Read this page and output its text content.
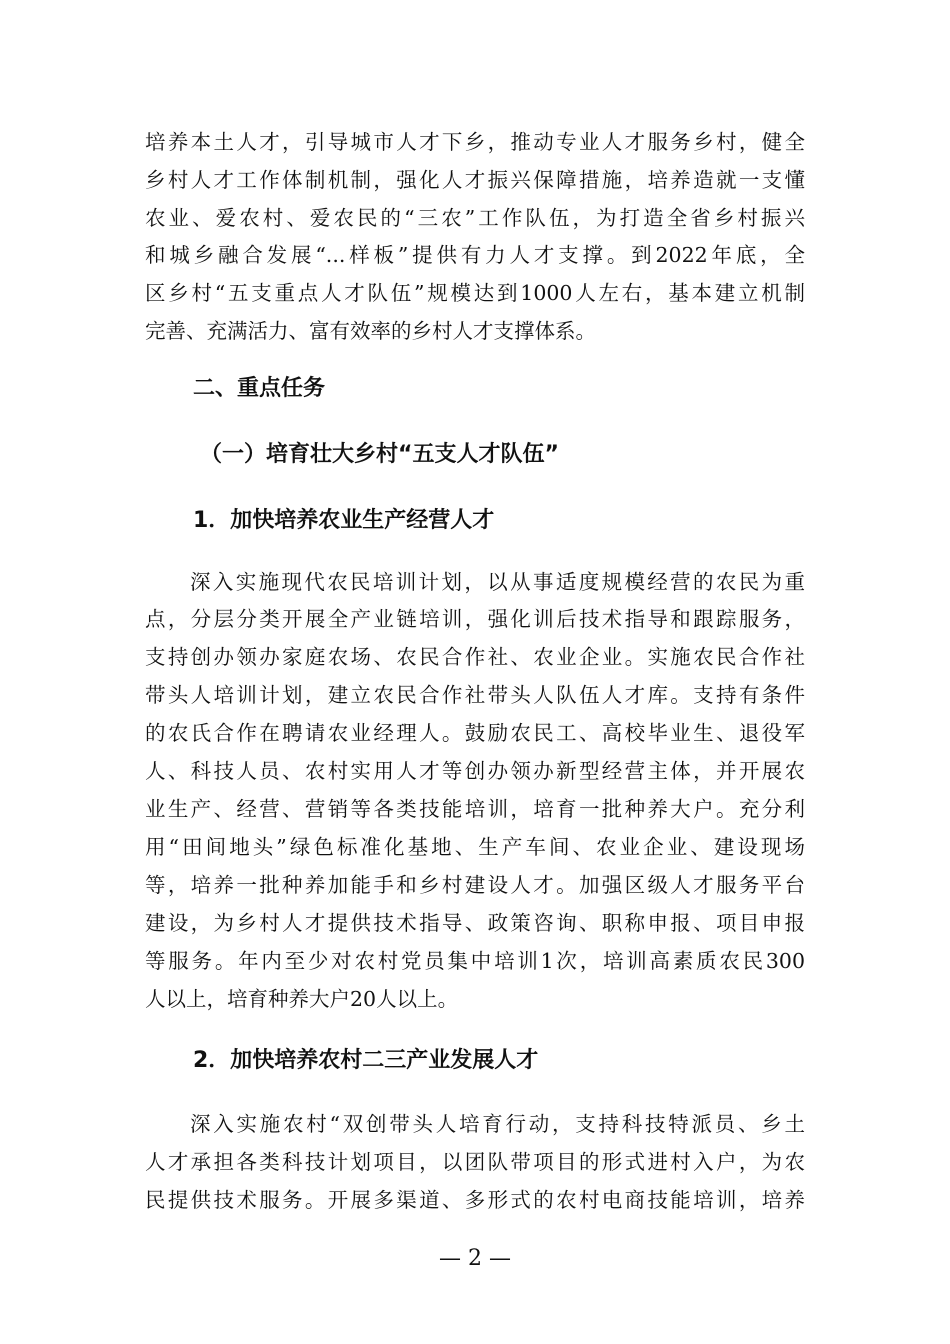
培养本土人才，引导城市人才下乡，推动专业人才服务乡村，健全
乡村人才工作体制机制，强化人才振兴保障措施，培养造就一支懂
农业、爱农村、爱农民的“三农”工作队伍，为打造全省乡村振兴
和城乡融合发展“...样板”提供有力人才支撑。到2022年底，全
区乡村“五支重点人才队伍”规模达到1000人左右，基本建立机制
完善、充满活力、富有效率的乡村人才支撑体系。
二、重点任务
（一）培育壮大乡村“五支人才队伍”
1．加快培养农业生产经营人才
深入实施现代农民培训计划，以从事适度规模经营的农民为重
点，分层分类开展全产业链培训，强化训后技术指导和跟踪服务，
支持创办领办家庭农场、农民合作社、农业企业。实施农民合作社
带头人培训计划，建立农民合作社带头人队伍人才库。支持有条件
的农氏合作在聘请农业经理人。鼓励农民工、高校毕业生、退役军
人、科技人员、农村实用人才等创办领办新型经营主体，并开展农
业生产、经营、营销等各类技能培训，培育一批种养大户。充分利
用“田间地头”绿色标准化基地、生产车间、农业企业、建设现场
等，培养一批种养加能手和乡村建设人才。加强区级人才服务平台
建设，为乡村人才提供技术指导、政策咨询、职称申报、项目申报
等服务。年内至少对农村党员集中培训1次，培训高素质农民300
人以上，培育种养大户20人以上。
2．加快培养农村二三产业发展人才
深入实施农村“双创带头人培育行动，支持科技特派员、乡土
人才承担各类科技计划项目，以团队带项目的形式进村入户，为农
民提供技术服务。开展多渠道、多形式的农村电商技能培训，培养
— 2 —
